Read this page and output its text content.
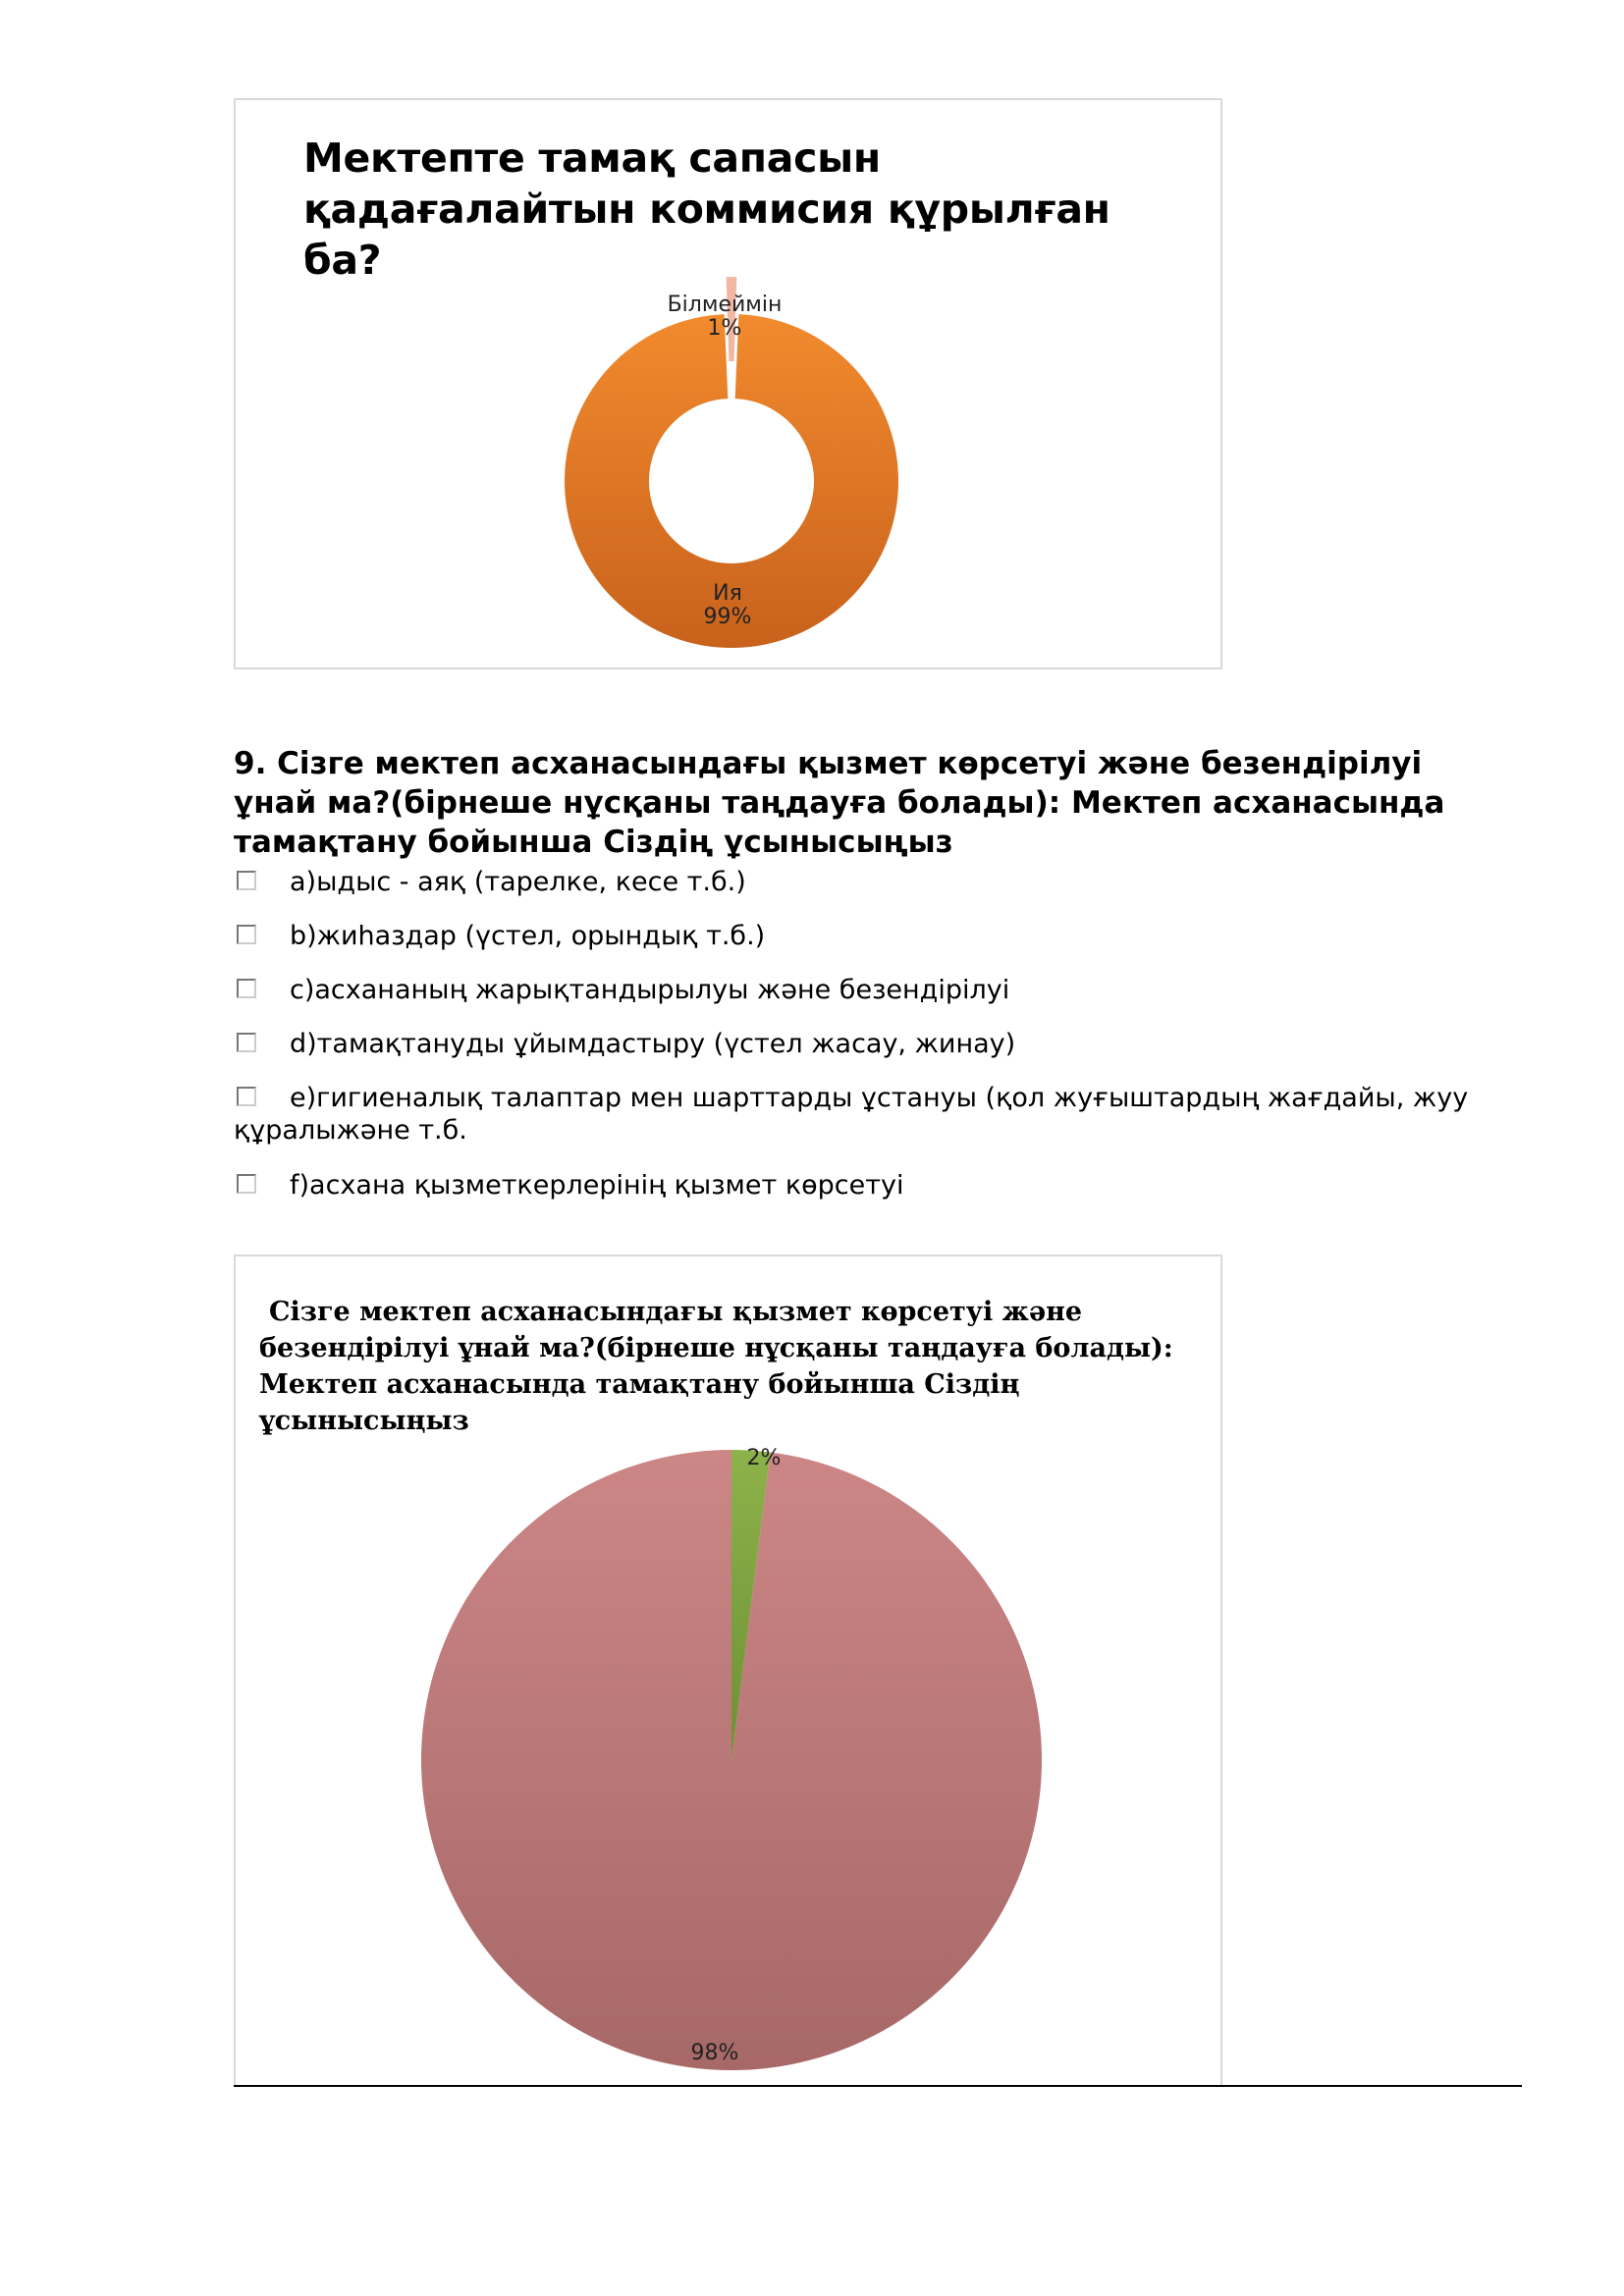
Мектепте тамақ сапасын қадағалайтын коммисия құрылған ба?
Білмеймін 1%
Ия 99%
9. Сізге мектеп асханасындағы қызмет көрсетуі және безендірілуі ұнай ма?(бірнеше нұсқаны таңдауға болады): Мектеп асханасында тамақтану бойынша Сіздің ұсынысыңыз
а)ыдыс - аяқ (тарелке, кесе т.б.)
b)жиһаздар (үстел, орындық т.б.)
c)асхананың жарықтандырылуы және безендірілуі
d)тамақтануды ұйымдастыру (үстел жасау, жинау)
е)гигиеналық талаптар мен шарттарды ұстануы (қол жуғыштардың жағдайы, жуу құралыжәне т.б.
f)асхана қызметкерлерінің қызмет көрсетуі
Сізге мектеп асханасындағы қызмет көрсетуі және безендірілуі ұнай ма?(бірнеше нұсқаны таңдауға болады): Мектеп асханасында тамақтану бойынша Сіздің ұсынысыңыз
2%
98%
